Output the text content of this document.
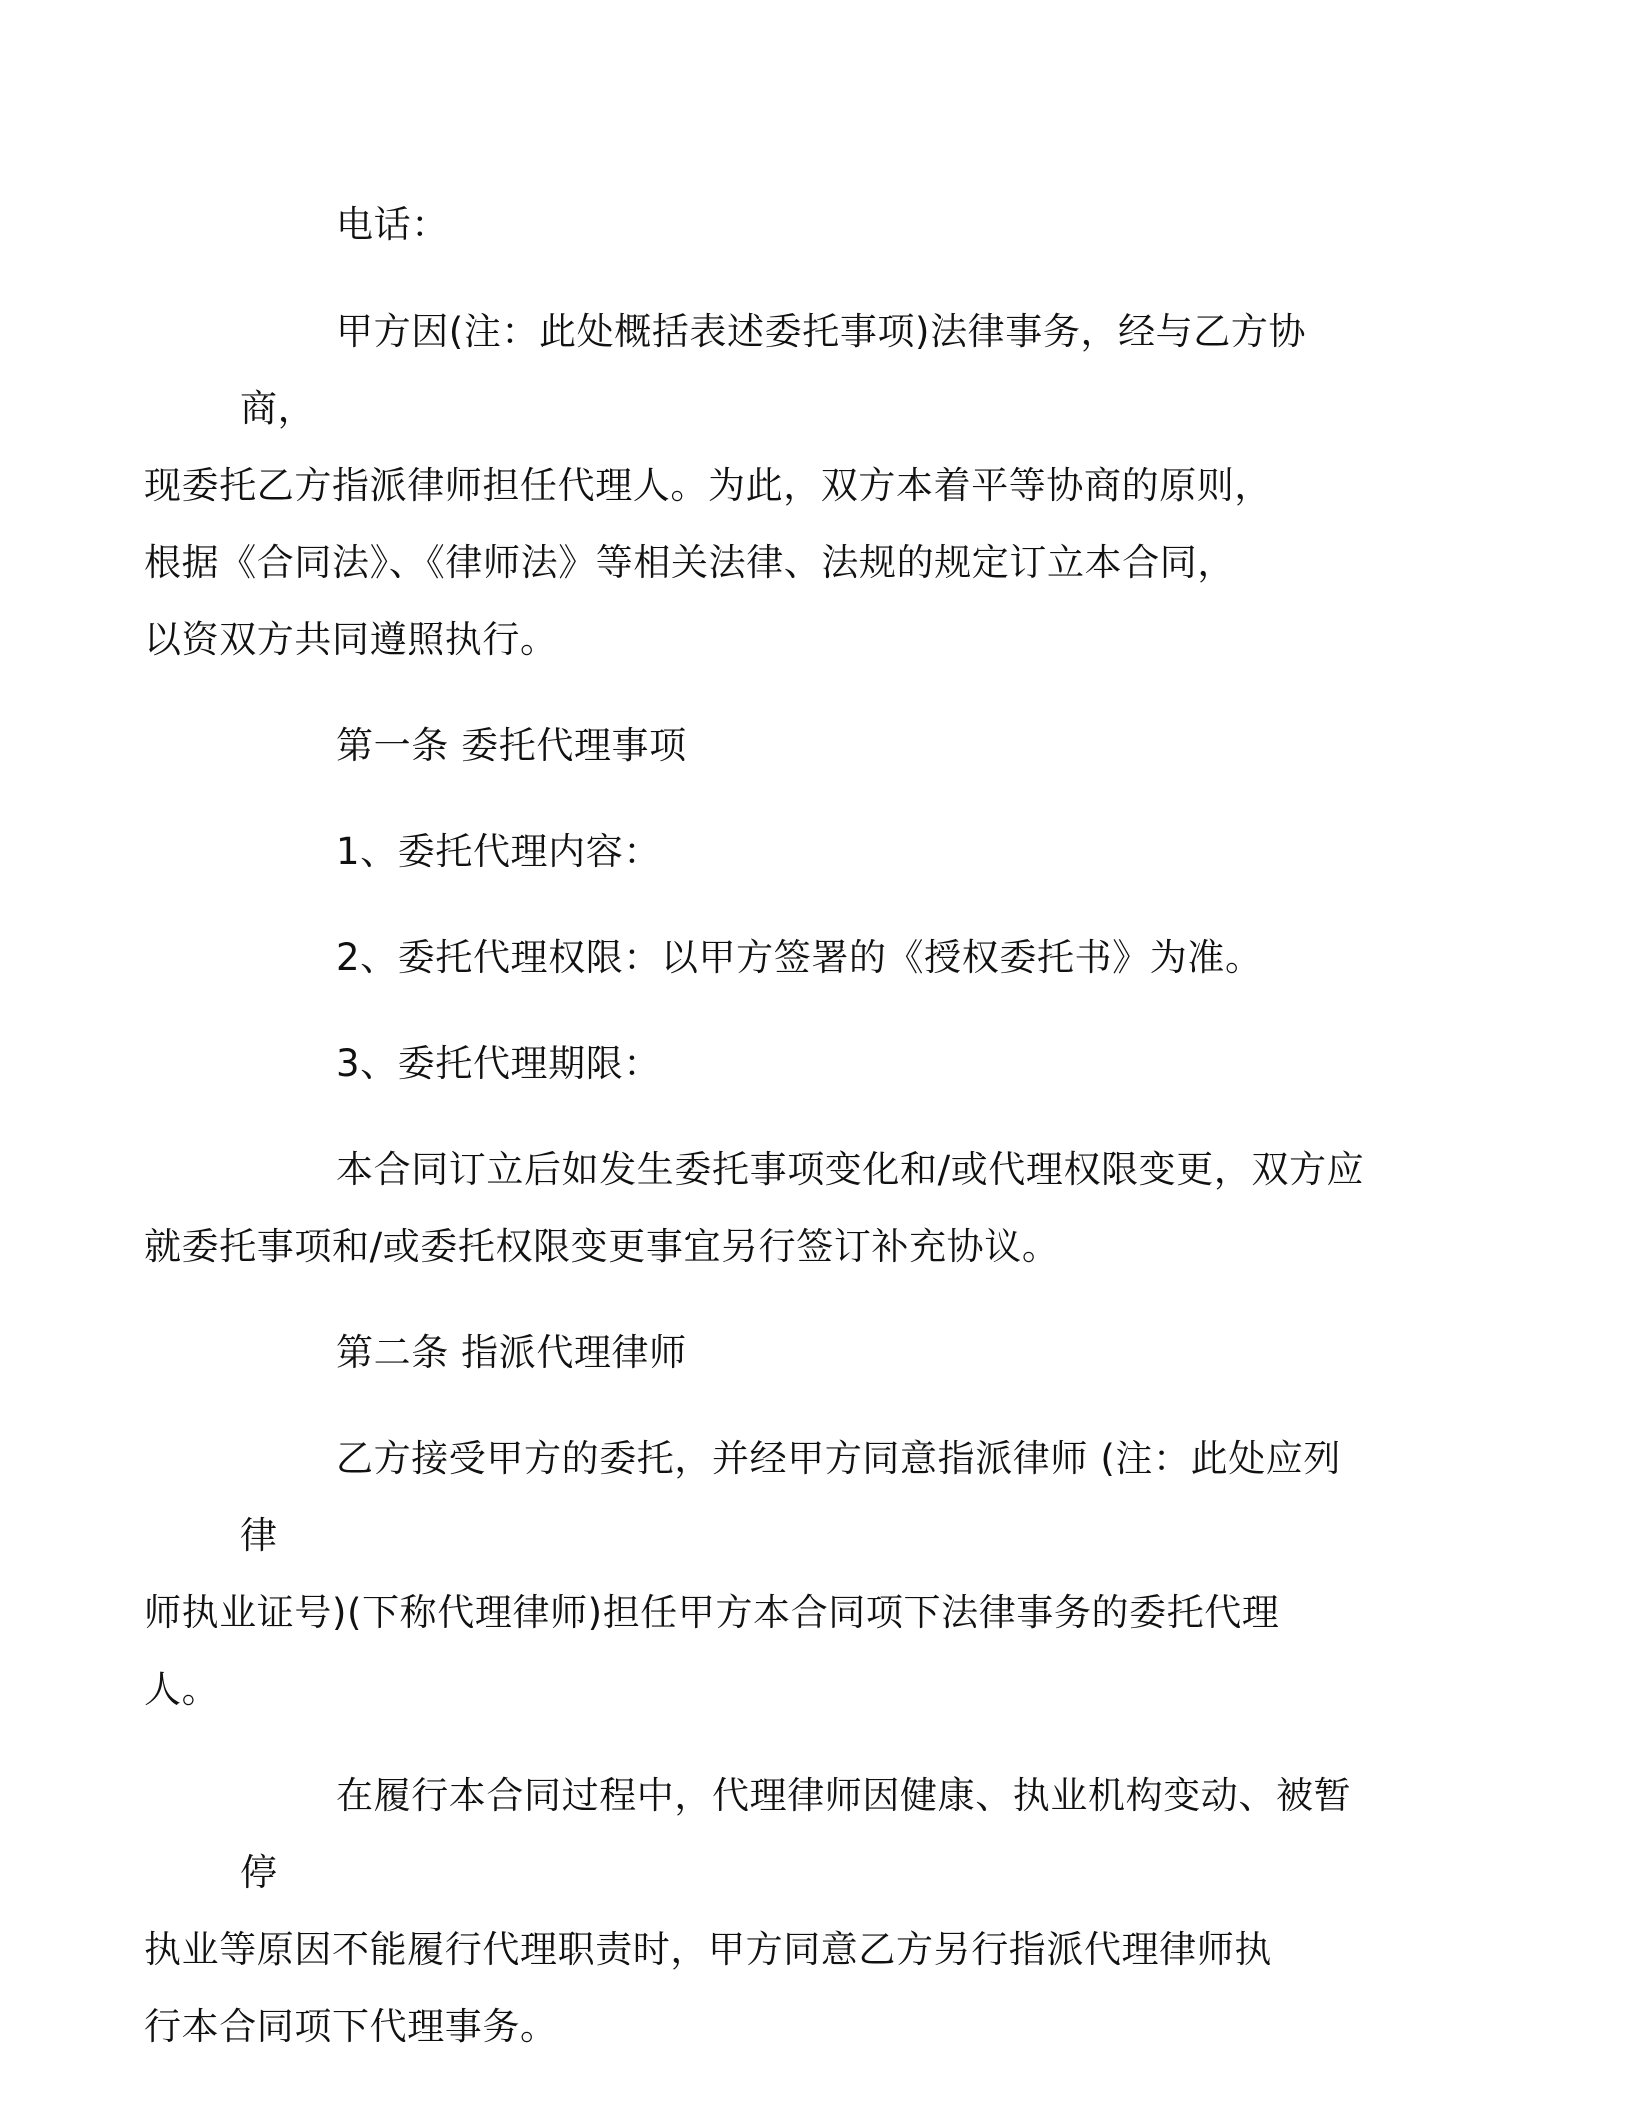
电话：

甲方因(注：此处概括表述委托事项)法律事务，经与乙方协商，
现委托乙方指派律师担任代理人。为此，双方本着平等协商的原则，
根据《合同法》、《律师法》等相关法律、法规的规定订立本合同，
以资双方共同遵照执行。

第一条 委托代理事项

1、委托代理内容：

2、委托代理权限：以甲方签署的《授权委托书》为准。

3、委托代理期限：

本合同订立后如发生委托事项变化和/或代理权限变更，双方应
就委托事项和/或委托权限变更事宜另行签订补充协议。

第二条 指派代理律师

乙方接受甲方的委托，并经甲方同意指派律师 (注：此处应列律
师执业证号)(下称代理律师)担任甲方本合同项下法律事务的委托代理
人。

在履行本合同过程中，代理律师因健康、执业机构变动、被暂停
执业等原因不能履行代理职责时，甲方同意乙方另行指派代理律师执
行本合同项下代理事务。
